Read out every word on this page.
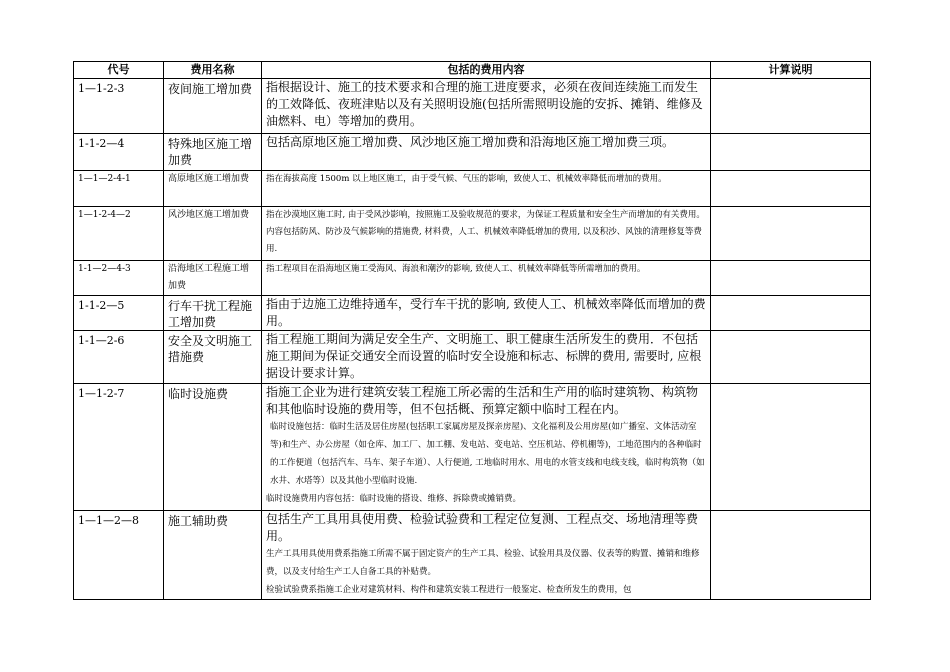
代号	费用名称	包括的费用内容	计算说明
1—1-2-3	夜间施工增加费	指根据设计、施工的技术要求和合理的施工进度要求，必须在夜间连续施工而发生的工效降低、夜班津贴以及有关照明设施(包括所需照明设施的安拆、摊销、维修及油燃料、电）等增加的费用。	
1-1-2—4	特殊地区施工增加费	包括高原地区施工增加费、风沙地区施工增加费和沿海地区施工增加费三项。	
1—1—2-4-1	高原地区施工增加费	指在海拔高度 1500m 以上地区施工，由于受气候、气压的影响，致使人工、机械效率降低而增加的费用。	
1—1-2-4—2	风沙地区施工增加费	指在沙漠地区施工时, 由于受风沙影响，按照施工及验收规范的要求，为保证工程质量和安全生产而增加的有关费用。内容包括防风、防沙及气候影响的措施费, 材料费，人工、机械效率降低增加的费用, 以及积沙、风蚀的清理修复等费用.	
1-1—2—4-3	沿海地区工程施工增加费	指工程项目在沿海地区施工受海风、海浪和潮汐的影响, 致使人工、机械效率降低等所需增加的费用。	
1-1-2—5	行车干扰工程施工增加费	指由于边施工边维持通车，受行车干扰的影响, 致使人工、机械效率降低而增加的费用。	
1-1—2-6	安全及文明施工措施费	指工程施工期间为满足安全生产、文明施工、职工健康生活所发生的费用．不包括施工期间为保证交通安全而设置的临时安全设施和标志、标牌的费用, 需要时, 应根据设计要求计算。	
1—1-2-7	临时设施费	指施工企业为进行建筑安装工程施工所必需的生活和生产用的临时建筑物、构筑物和其他临时设施的费用等，但不包括概、预算定额中临时工程在内。
临时设施包括：临时生活及居住房屋(包括职工家属房屋及探亲房屋)、文化福利及公用房屋(如广播室、文体活动室等)和生产、办公房屋（如仓库、加工厂、加工棚、发电站、变电站、空压机站、停机棚等)，工地范围内的各种临时的工作便道（包括汽车、马车、架子车道）、人行便道, 工地临时用水、用电的水管支线和电线支线，临时构筑物（如水井、水塔等）以及其他小型临时设施.
临时设施费用内容包括：临时设施的搭设、维修、拆除费或摊销费。	

1—1—2—8	施工辅助费	包括生产工具用具使用费、检验试验费和工程定位复测、工程点交、场地清理等费用。
生产工具用具使用费系指施工所需不属于固定资产的生产工具、检验、试验用具及仪器、仪表等的购置、摊销和维修费，以及支付给生产工人自备工具的补贴费。
检验试验费系指施工企业对建筑材料、构件和建筑安装工程进行一般鉴定、检查所发生的费用，包	
